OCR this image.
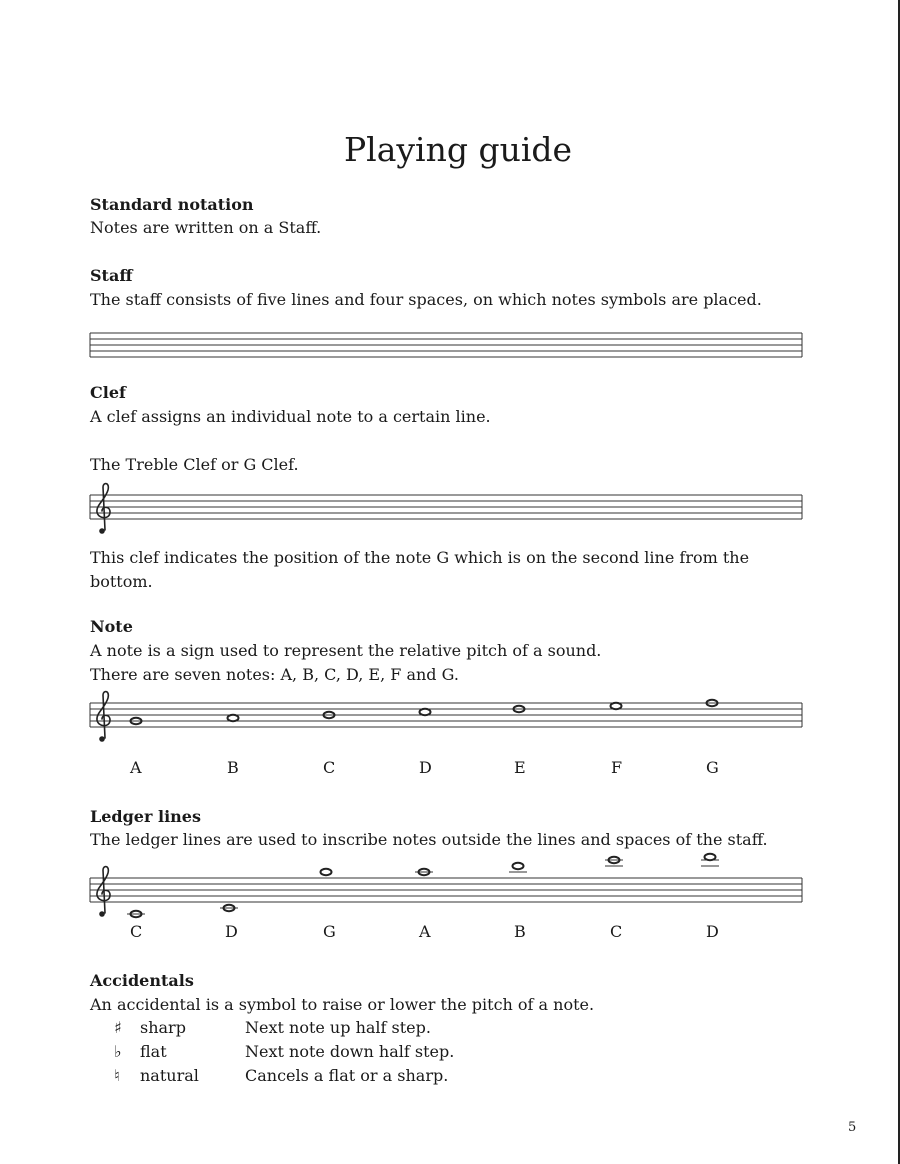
Playing guide
Standard notation
Notes are written on a Staff.
Staff
The staff consists of five lines and four spaces, on which notes symbols are placed.
Clef
A clef assigns an individual note to a certain line.
The Treble Clef or G Clef.
This clef indicates the position of the note G which is on the second line from the bottom.
Note
A note is a sign used to represent the relative pitch of a sound.
There are seven notes: A, B, C, D, E, F and G.
A	B	C	D	E	F	G
Ledger lines
The ledger lines are used to inscribe notes outside the lines and spaces of the staff.
C	D	G	A	B	C	D
Accidentals
An accidental is a symbol to raise or lower the pitch of a note.
♯ sharp	Next note up half step.
♭ flat	Next note down half step.
♮ natural	Cancels a flat or a sharp.
5
